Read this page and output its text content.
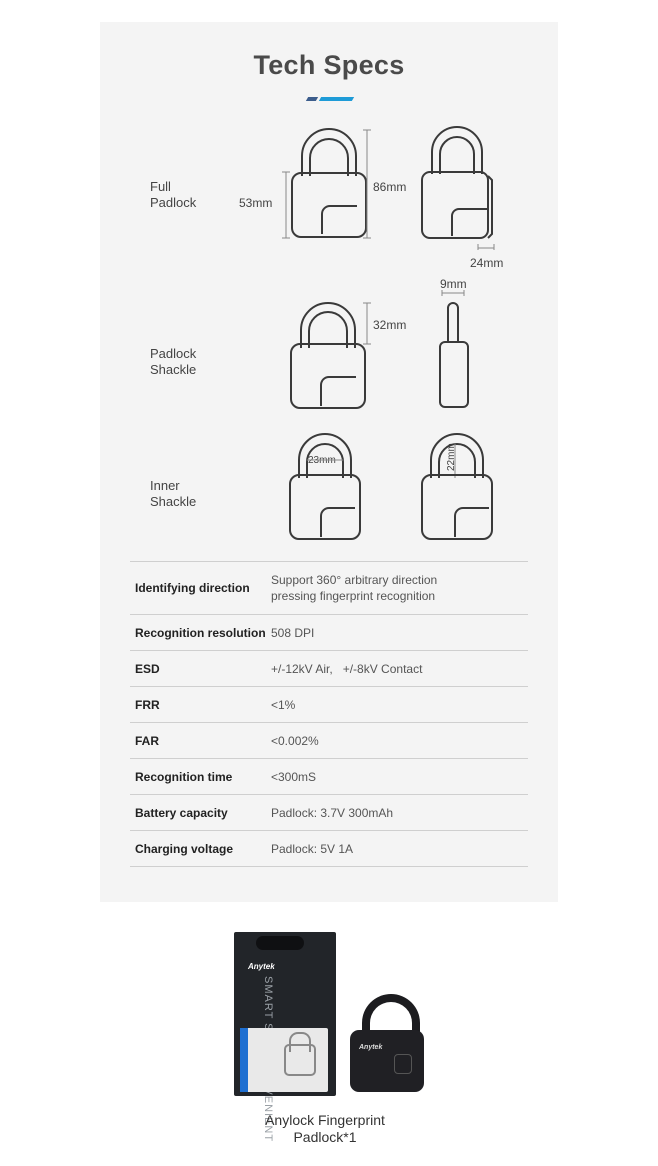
Tech Specs
Full
Padlock	53mm
86mm
24mm
Padlock
Shackle
32mm
9mm
Inner
Shackle
23mm	22mm
Identifying direction	Support 360° arbitrary direction
pressing fingerprint recognition

Recognition resolution	508 DPI
ESD	+/-12kV Air,   +/-8kV Contact
FRR	<1%
FAR	<0.002%
Recognition time	<300mS
Battery capacity	Padlock: 3.7V 300mAh
Charging voltage	Padlock: 5V 1A
Anytek
Anytek
Anylock Fingerprint
Padlock*1
